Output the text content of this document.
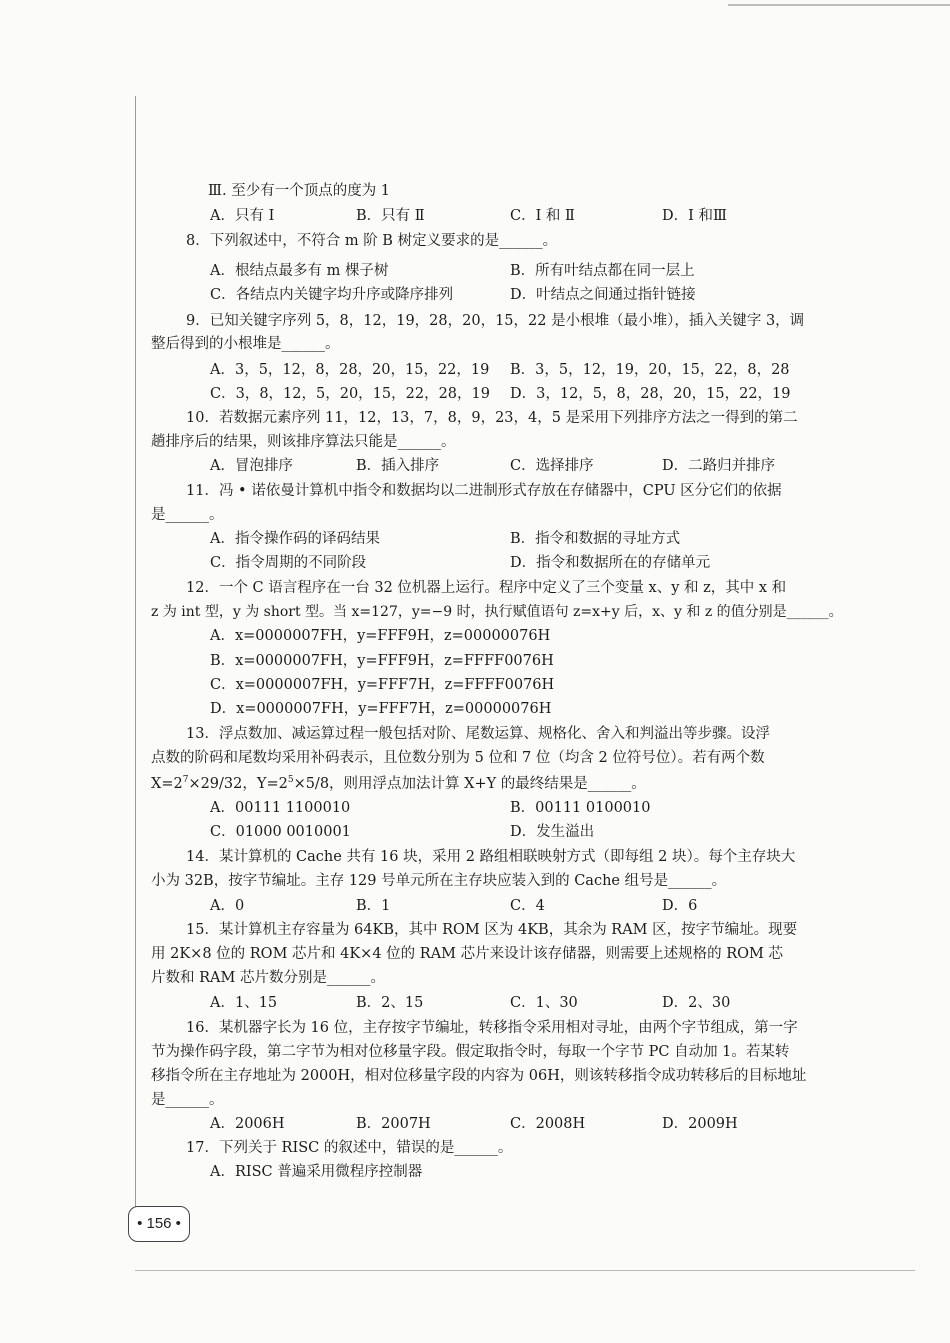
Ⅲ. 至少有一个顶点的度为 1
A．只有 Ⅰ	B．只有 Ⅱ	C．Ⅰ 和 Ⅱ	D．Ⅰ 和Ⅲ
8．下列叙述中，不符合 m 阶 B 树定义要求的是______。
A．根结点最多有 m 棵子树	B．所有叶结点都在同一层上
C．各结点内关键字均升序或降序排列	D．叶结点之间通过指针链接
9．已知关键字序列 5，8，12，19，28，20，15，22 是小根堆（最小堆），插入关键字 3，调
整后得到的小根堆是______。
A．3，5，12，8，28，20，15，22，19 B．3，5，12，19，20，15，22，8，28
C．3，8，12，5，20，15，22，28，19 D．3，12，5，8，28，20，15，22，19
10．若数据元素序列 11，12，13，7，8，9，23，4，5 是采用下列排序方法之一得到的第二
趟排序后的结果，则该排序算法只能是______。
A．冒泡排序	B．插入排序	C．选择排序	D．二路归并排序
11．冯 • 诺依曼计算机中指令和数据均以二进制形式存放在存储器中，CPU 区分它们的依据
是______。
A．指令操作码的译码结果	B．指令和数据的寻址方式
C．指令周期的不同阶段	D．指令和数据所在的存储单元
12．一个 C 语言程序在一台 32 位机器上运行。程序中定义了三个变量 x、y 和 z，其中 x 和
z 为 int 型，y 为 short 型。当 x=127，y=−9 时，执行赋值语句 z=x+y 后，x、y 和 z 的值分别是______。
A．x=0000007FH，y=FFF9H，z=00000076H
B．x=0000007FH，y=FFF9H，z=FFFF0076H
C．x=0000007FH，y=FFF7H，z=FFFF0076H
D．x=0000007FH，y=FFF7H，z=00000076H
13．浮点数加、减运算过程一般包括对阶、尾数运算、规格化、舍入和判溢出等步骤。设浮
点数的阶码和尾数均采用补码表示，且位数分别为 5 位和 7 位（均含 2 位符号位）。若有两个数
$X=2^7\times 29/32$，$Y=2^5\times 5/8$，则用浮点加法计算 X+Y 的最终结果是______。
A．00111 1100010	B．00111 0100010
C．01000 0010001	D．发生溢出
14．某计算机的 Cache 共有 16 块，采用 2 路组相联映射方式（即每组 2 块）。每个主存块大
小为 32B，按字节编址。主存 129 号单元所在主存块应装入到的 Cache 组号是______。
A．0	B．1	C．4	D．6
15．某计算机主存容量为 64KB，其中 ROM 区为 4KB，其余为 RAM 区，按字节编址。现要
用 2K×8 位的 ROM 芯片和 4K×4 位的 RAM 芯片来设计该存储器，则需要上述规格的 ROM 芯
片数和 RAM 芯片数分别是______。
A．1、15	B．2、15	C．1、30	D．2、30
16．某机器字长为 16 位，主存按字节编址，转移指令采用相对寻址，由两个字节组成，第一字
节为操作码字段，第二字节为相对位移量字段。假定取指令时，每取一个字节 PC 自动加 1。若某转
移指令所在主存地址为 2000H，相对位移量字段的内容为 06H，则该转移指令成功转移后的目标地址
是______。
A．2006H	B．2007H	C．2008H	D．2009H
17．下列关于 RISC 的叙述中，错误的是______。
A．RISC 普遍采用微程序控制器
• 156 •
